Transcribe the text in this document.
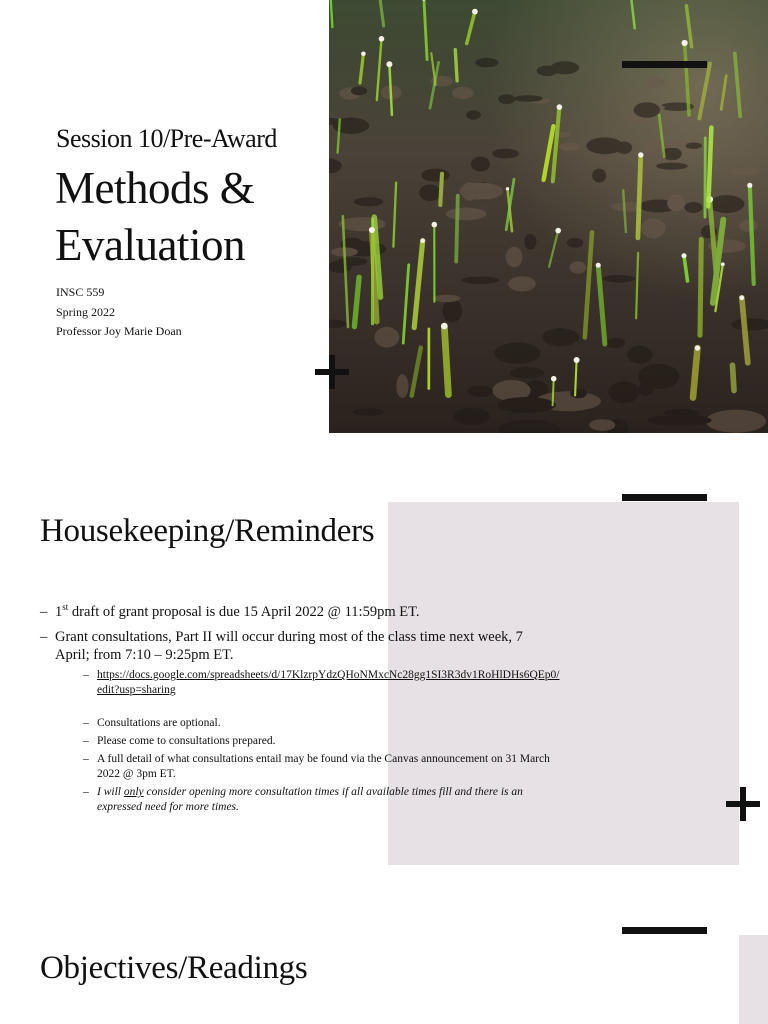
Session 10/Pre-Award
Methods &
Evaluation
INSC 559
Spring 2022
Professor Joy Marie Doan
Housekeeping/Reminders
– 1st draft of grant proposal is due 15 April 2022 @ 11:59pm ET.
– Grant consultations, Part II will occur during most of the class time next week, 7 April; from 7:10 – 9:25pm ET.
– https://docs.google.com/spreadsheets/d/17KlzrpYdzQHoNMxcNc28gg1SI3R3dv1RoHlDHs6QEp0/edit?usp=sharing
– Consultations are optional.
– Please come to consultations prepared.
– A full detail of what consultations entail may be found via the Canvas announcement on 31 March 2022 @ 3pm ET.
– I will only consider opening more consultation times if all available times fill and there is an expressed need for more times.
Objectives/Readings
